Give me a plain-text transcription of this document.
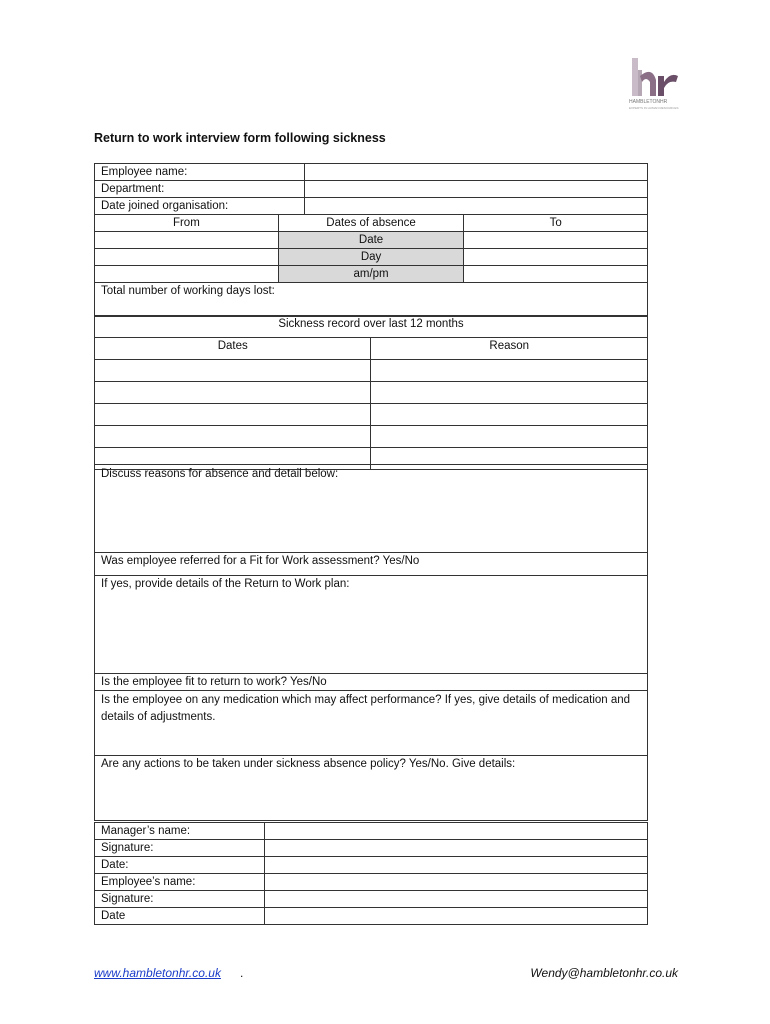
HAMBLETONHR
EXPERTS IN HUMAN RESOURCES
Return to work interview form following sickness
Employee name:			
Department:			
Date joined organisation:			
From	Dates of absence		To
	Date		
	Day		
	am/pm		
Total number of working days lost:
Sickness record over last 12 months	
Dates	Reason

Discuss reasons for absence and detail below:
Was employee referred for a Fit for Work assessment? Yes/No
If yes, provide details of the Return to Work plan:
Is the employee fit to return to work? Yes/No
Is the employee on any medication which may affect performance? If yes, give details of medication and details of adjustments.
Are any actions to be taken under sickness absence policy? Yes/No. Give details:
Manager’s name:	
Signature:	
Date:	
Employee’s name:	
Signature:	
Date	
www.hambletonhr.co.uk .	Wendy@hambletonhr.co.uk
